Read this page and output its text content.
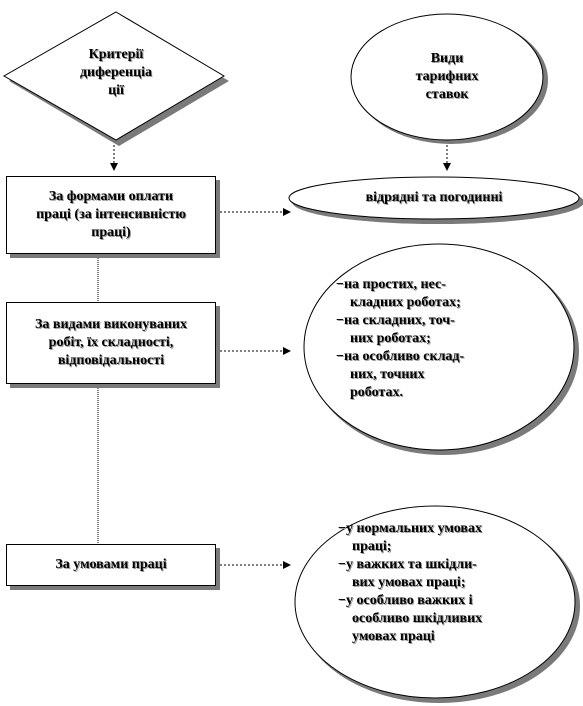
Критерії
диференціа
ції
Види
тарифних
ставок
За формами оплати
праці (за інтенсивністю
праці)
За видами виконуваних
робіт, їх складності,
відповідальності
За умовами праці
відрядні та погодинні
−на простих, нес-
кладних роботах;
−на складних, точ-
них роботах;
−на особливо склад-
них, точних
роботах.
−у нормальних умовах
праці;
−у важких та шкідли-
вих умовах праці;
−у особливо важких і
особливо шкідливих
умовах праці
